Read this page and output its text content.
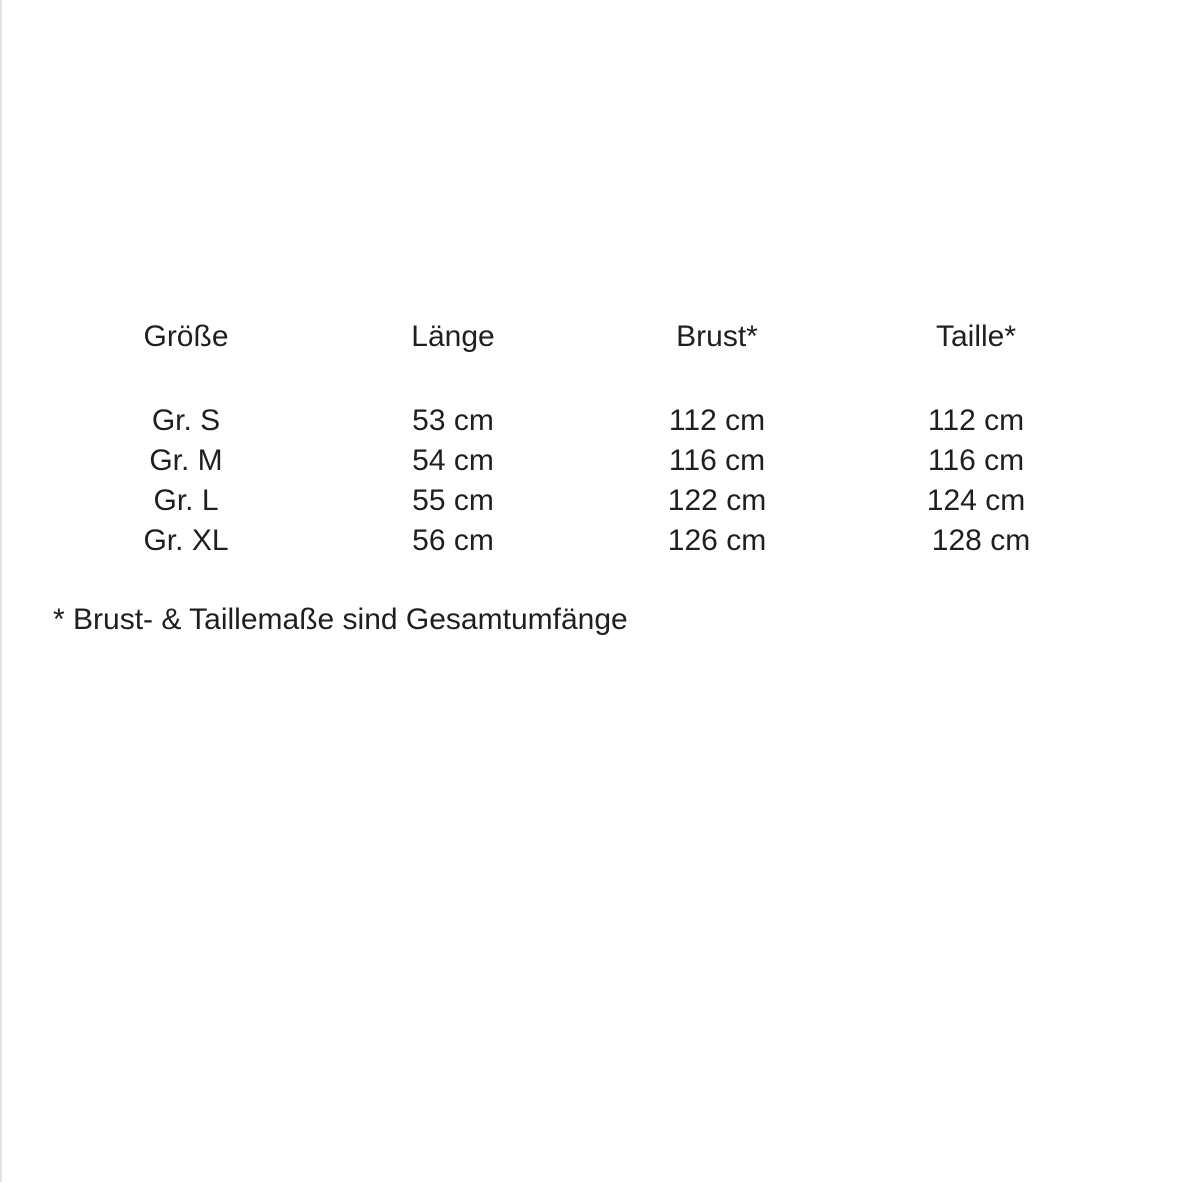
Größe	Länge	Brust*	Taille*
Gr. S	53 cm	112 cm	112 cm
Gr. M	54 cm	116 cm	116 cm
Gr. L	55 cm	122 cm	124 cm
Gr. XL	56 cm	126 cm	128 cm
* Brust- & Taillemaße sind Gesamtumfänge
